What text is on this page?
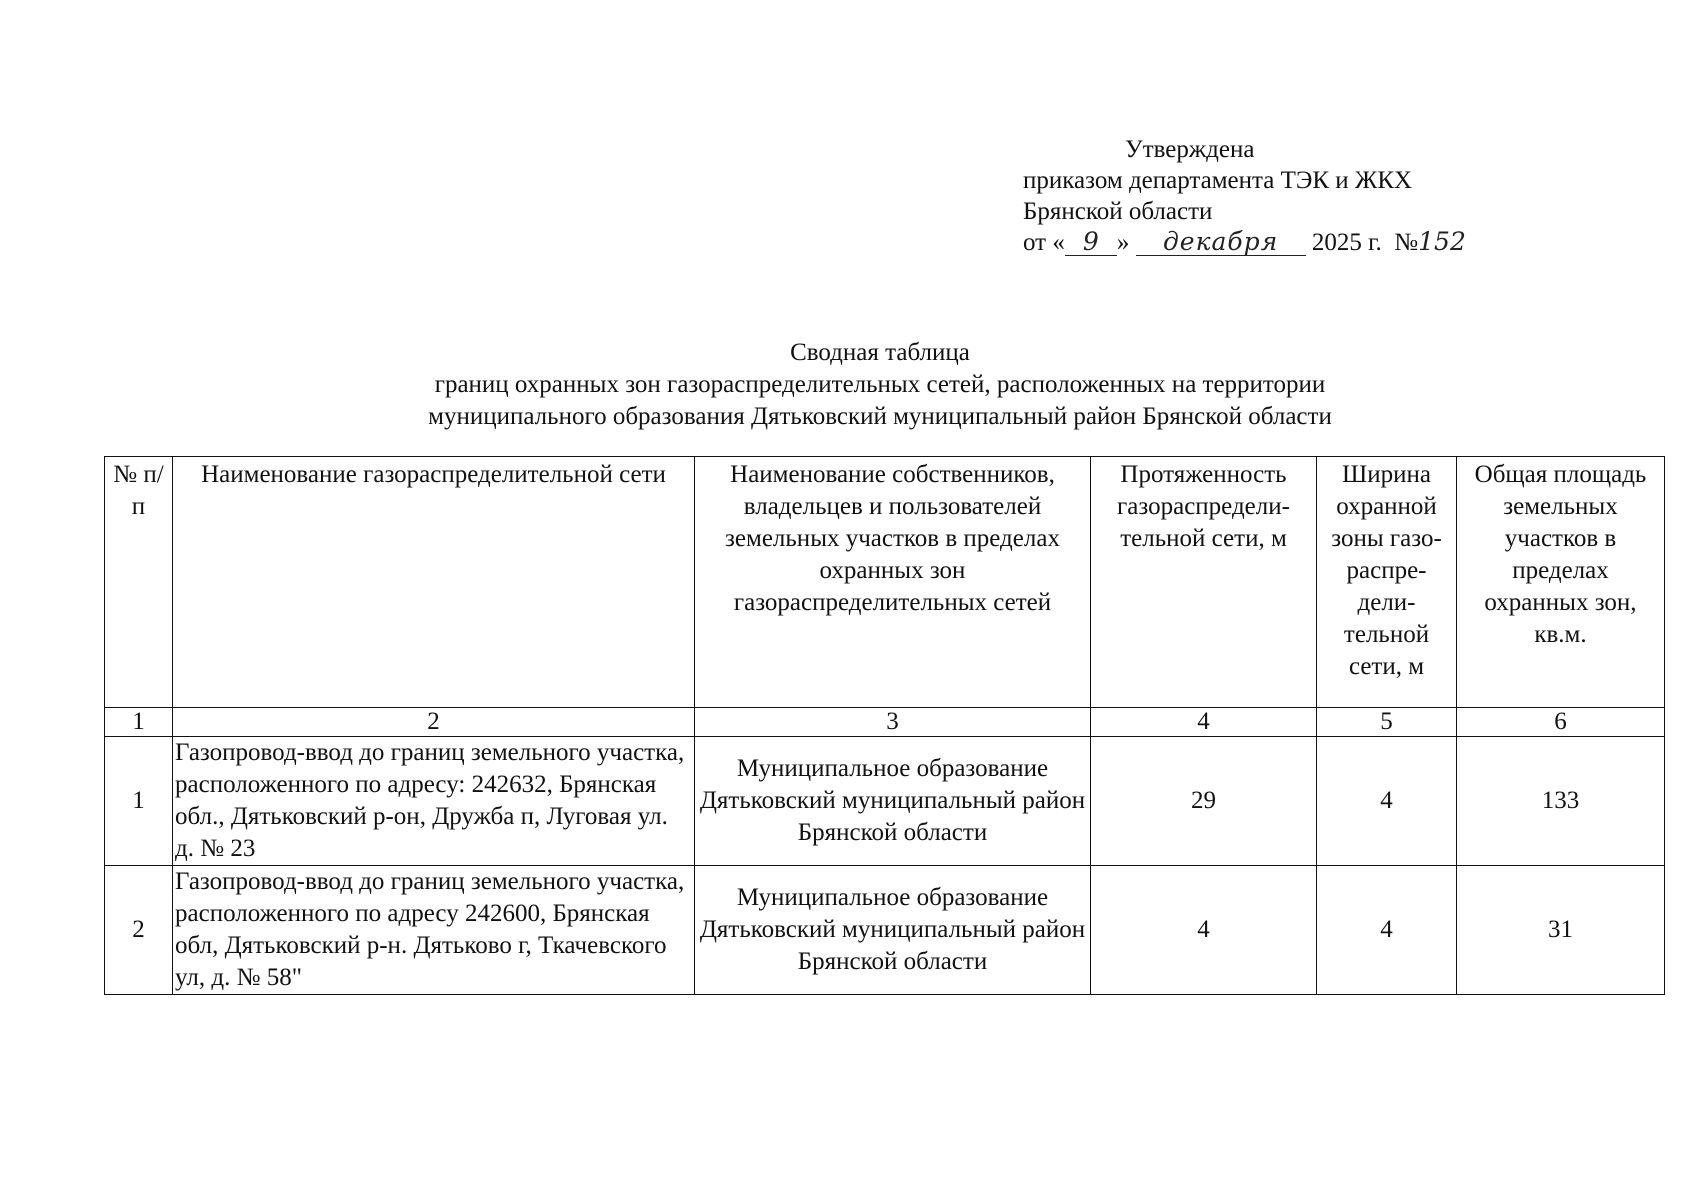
Утверждена
приказом департамента ТЭК и ЖКХ
Брянской области
от « 9 » декабря 2025 г. №152
Сводная таблица
границ охранных зон газораспределительных сетей, расположенных на территории
муниципального образования Дятьковский муниципальный район Брянской области
№ п/п	Наименование газораспределительной сети	Наименование собственников, владельцев и пользователей земельных участков в пределах охранных зон газораспределительных сетей	Протяженность газораспредели-тельной сети, м	Ширина охранной зоны газо-распре-дели-тельной сети, м	Общая площадь земельных участков в пределах охранных зон, кв.м.
1	2	3	4	5	6
1	Газопровод-ввод до границ земельного участка, расположенного по адресу: 242632, Брянская обл., Дятьковский р-он, Дружба п, Луговая ул. д. № 23	Муниципальное образование Дятьковский муниципальный район Брянской области	29	4	133
2	Газопровод-ввод до границ земельного участка, расположенного по адресу 242600, Брянская обл, Дятьковский р-н. Дятьково г, Ткачевского ул, д. № 58"	Муниципальное образование Дятьковский муниципальный район Брянской области	4	4	31
